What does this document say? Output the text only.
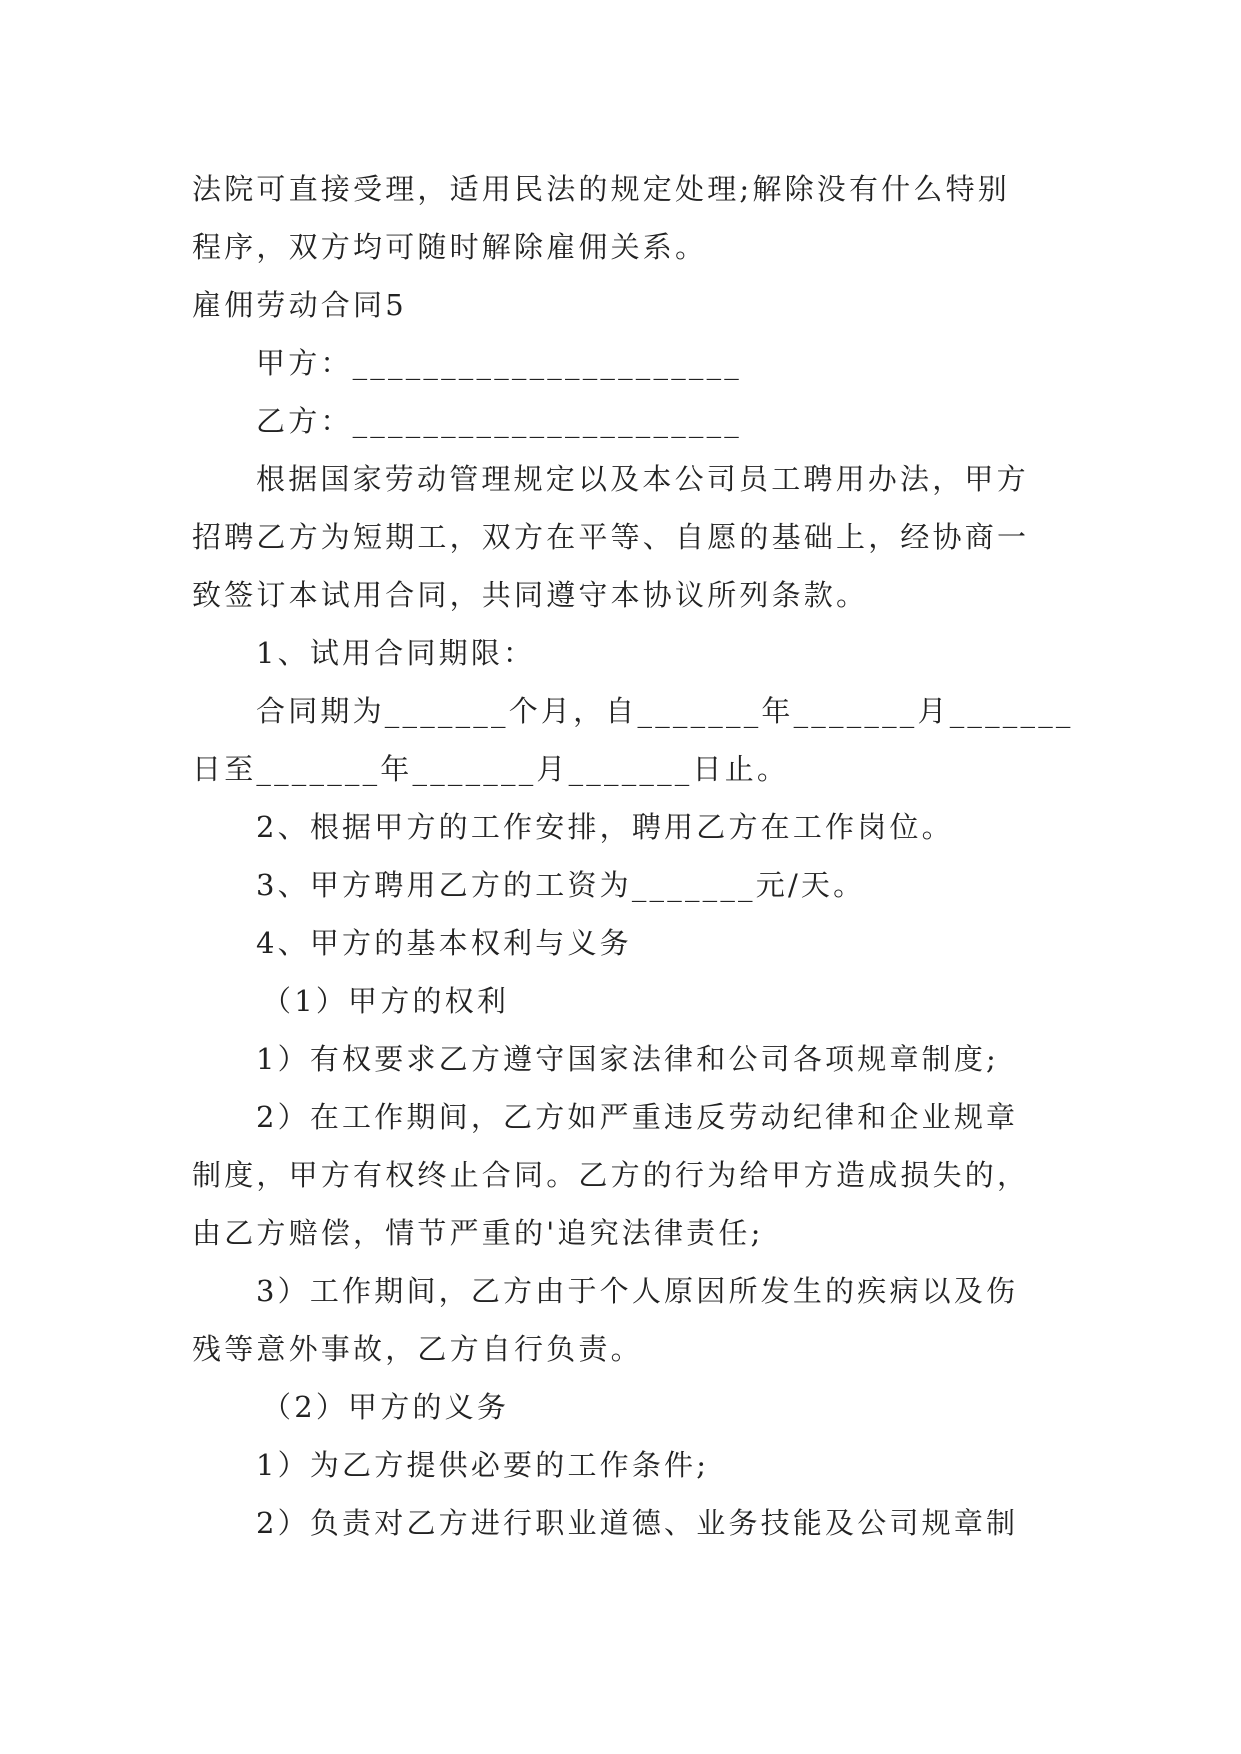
法院可直接受理，适用民法的规定处理;解除没有什么特别
程序，双方均可随时解除雇佣关系。
雇佣劳动合同5
甲方：______________________
乙方：______________________
根据国家劳动管理规定以及本公司员工聘用办法，甲方
招聘乙方为短期工，双方在平等、自愿的基础上，经协商一
致签订本试用合同，共同遵守本协议所列条款。
1、试用合同期限：
合同期为_______个月，自_______年_______月_______
日至_______年_______月_______日止。
2、根据甲方的工作安排，聘用乙方在工作岗位。
3、甲方聘用乙方的工资为_______元/天。
4、甲方的基本权利与义务
（1）甲方的权利
1）有权要求乙方遵守国家法律和公司各项规章制度;
2）在工作期间，乙方如严重违反劳动纪律和企业规章
制度，甲方有权终止合同。乙方的行为给甲方造成损失的，
由乙方赔偿，情节严重的'追究法律责任;
3）工作期间，乙方由于个人原因所发生的疾病以及伤
残等意外事故，乙方自行负责。
（2）甲方的义务
1）为乙方提供必要的工作条件;
2）负责对乙方进行职业道德、业务技能及公司规章制
